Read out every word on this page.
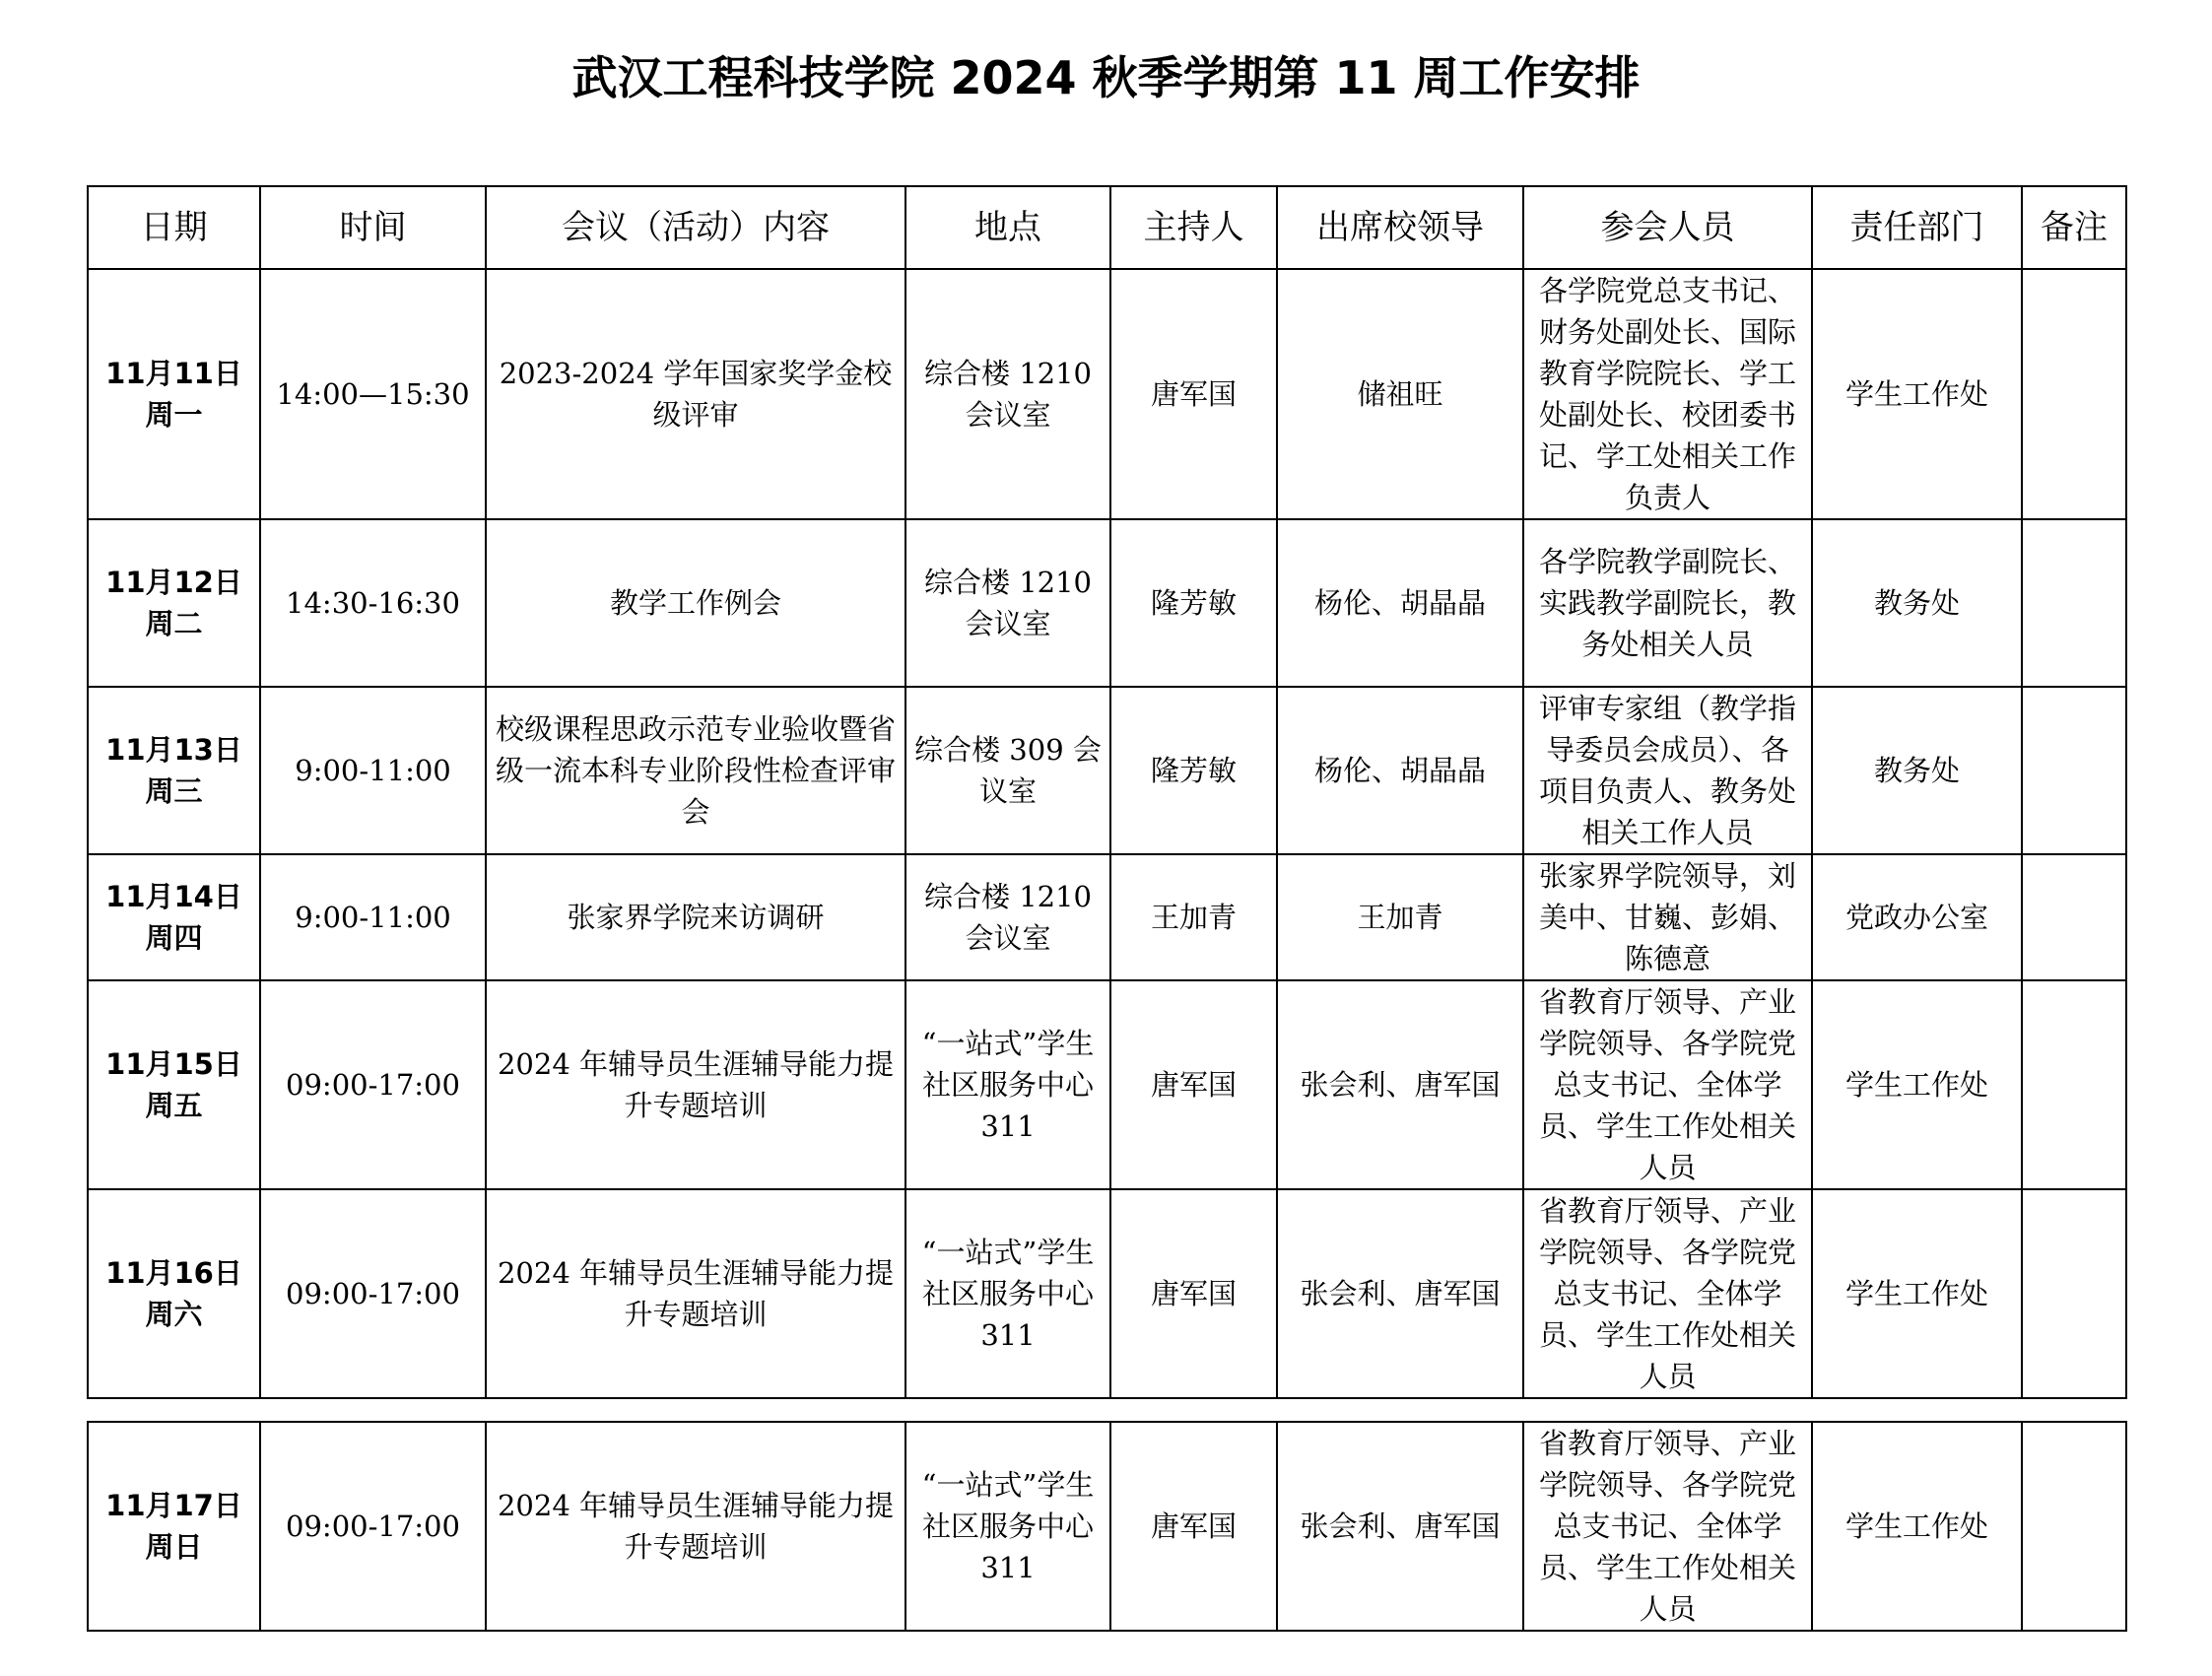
武汉工程科技学院 2024 秋季学期第 11 周工作安排
日期	时间	会议（活动）内容	地点	主持人	出席校领导	参会人员	责任部门	备注

11月11日
周一	14:00—15:30	2023-2024 学年国家奖学金校级评审	综合楼 1210 会议室	唐军国	储祖旺	各学院党总支书记、财务处副处长、国际教育学院院长、学工处副处长、校团委书记、学工处相关工作负责人	学生工作处	

11月12日
周二	14:30-16:30	教学工作例会	综合楼 1210 会议室	隆芳敏	杨伦、胡晶晶	各学院教学副院长、实践教学副院长，教务处相关人员	教务处	

11月13日
周三	9:00-11:00	校级课程思政示范专业验收暨省级一流本科专业阶段性检查评审会	综合楼 309 会议室	隆芳敏	杨伦、胡晶晶	评审专家组（教学指导委员会成员）、各项目负责人、教务处相关工作人员	教务处	

11月14日
周四	9:00-11:00	张家界学院来访调研	综合楼 1210 会议室	王加青	王加青	张家界学院领导，刘美中、甘巍、彭娟、陈德意	党政办公室	

11月15日
周五	09:00-17:00	2024 年辅导员生涯辅导能力提升专题培训	“一站式”学生社区服务中心 311	唐军国	张会利、唐军国	省教育厅领导、产业学院领导、各学院党总支书记、全体学员、学生工作处相关人员	学生工作处	

11月16日
周六	09:00-17:00	2024 年辅导员生涯辅导能力提升专题培训	“一站式”学生社区服务中心 311	唐军国	张会利、唐军国	省教育厅领导、产业学院领导、各学院党总支书记、全体学员、学生工作处相关人员	学生工作处	
11月17日
周日
	09:00-17:00	2024 年辅导员生涯辅导能力提升专题培训	“一站式”学生社区服务中心 311	唐军国	张会利、唐军国	省教育厅领导、产业学院领导、各学院党总支书记、全体学员、学生工作处相关人员	学生工作处	
